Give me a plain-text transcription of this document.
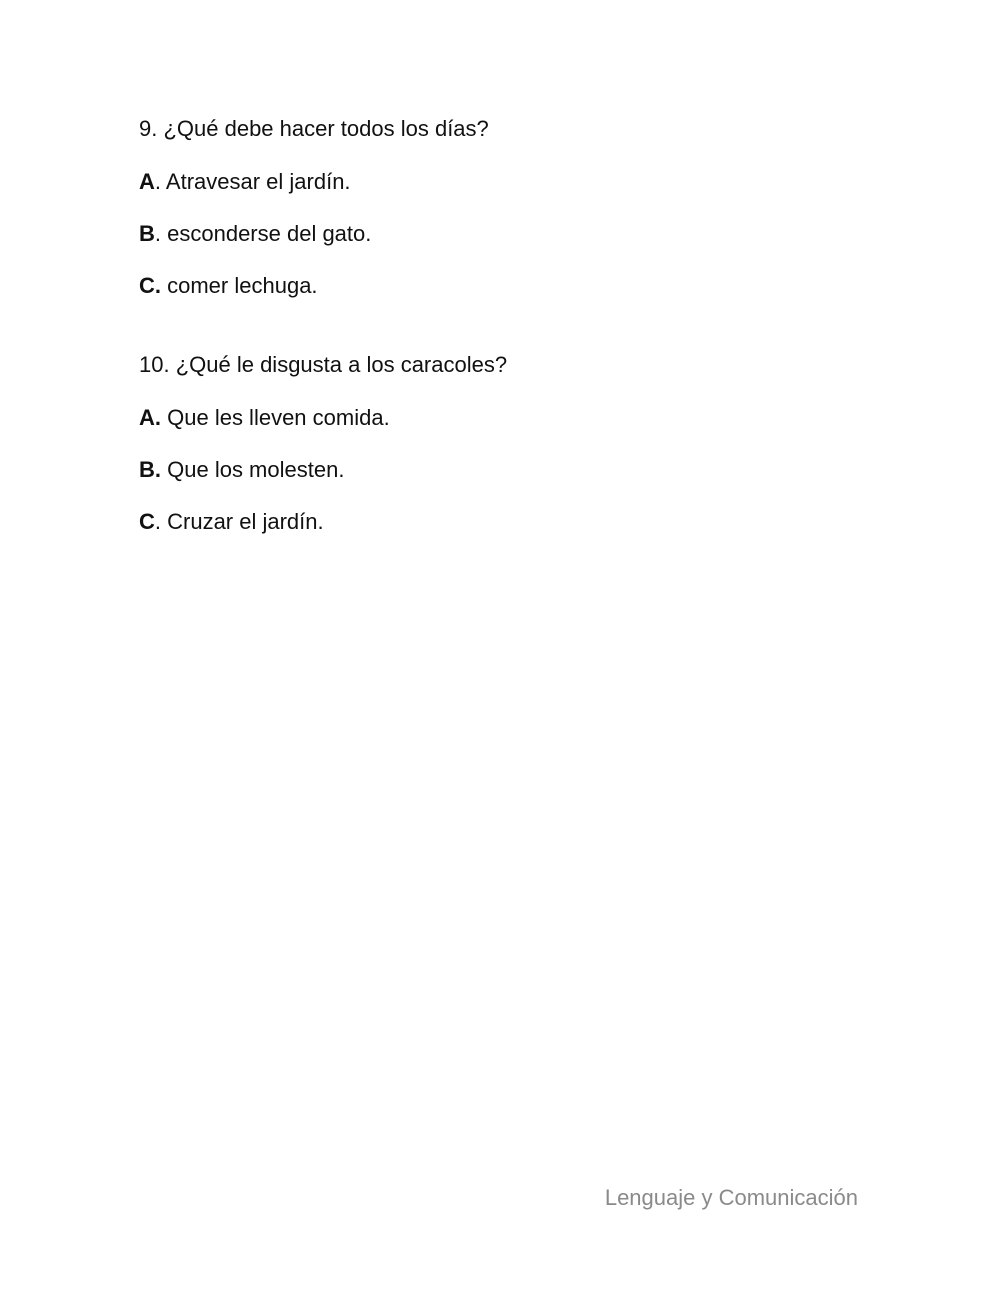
9. ¿Qué debe hacer todos los días?
A. Atravesar el jardín.
B. esconderse del gato.
C. comer lechuga.
10. ¿Qué le disgusta a los caracoles?
A. Que les lleven comida.
B. Que los molesten.
C. Cruzar el jardín.
Lenguaje y Comunicación
